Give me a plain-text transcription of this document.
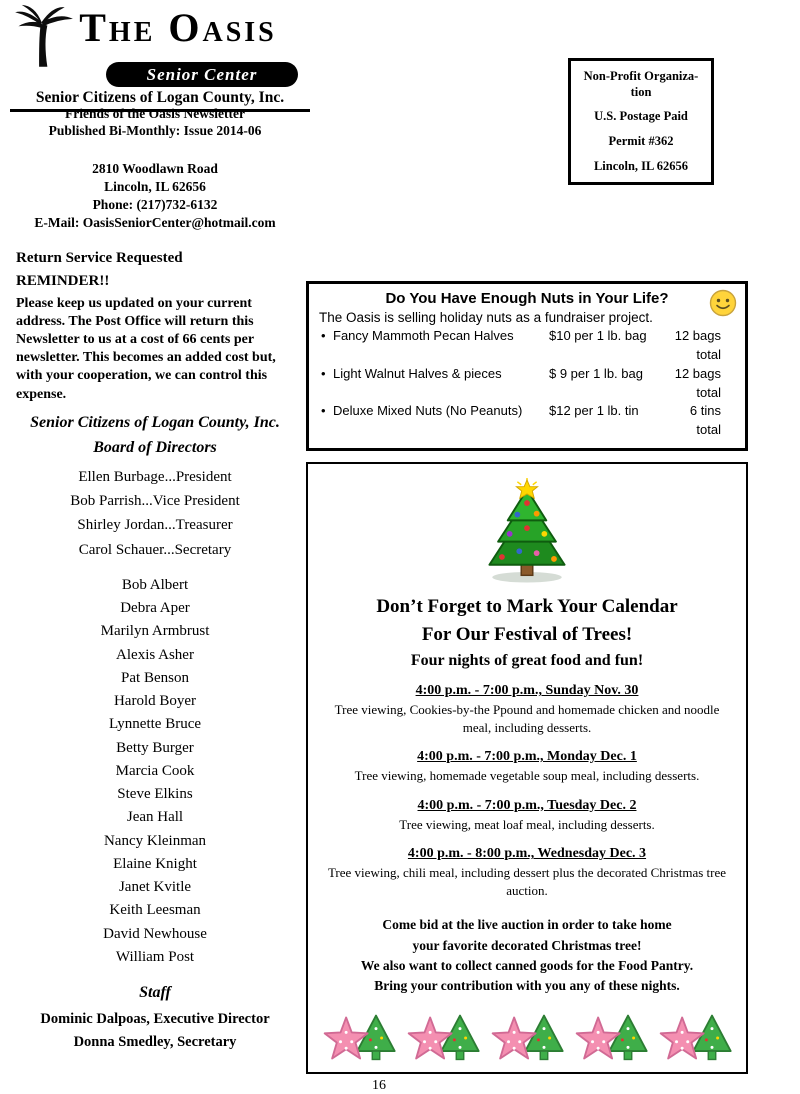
The Oasis
Senior Center
Senior Citizens of Logan County, Inc.
Non-Profit Organiza-
tion
U.S. Postage Paid
Permit #362
Lincoln, IL 62656
Friends of the Oasis Newsletter
Published Bi-Monthly: Issue 2014-06
2810 Woodlawn Road
Lincoln, IL 62656
Phone: (217)732-6132
E-Mail: OasisSeniorCenter@hotmail.com
Return Service Requested
REMINDER!!

Please keep us updated on your current address. The Post Office will return this Newsletter to us at a cost of 66 cents per newsletter. This becomes an added cost but, with your cooperation, we can control this expense.

Senior Citizens of Logan County, Inc.
Board of Directors
Ellen Burbage...President
Bob Parrish...Vice President
Shirley Jordan...Treasurer
Carol Schauer...Secretary
Bob Albert
Debra Aper
Marilyn Armbrust
Alexis Asher
Pat Benson
Harold Boyer
Lynnette Bruce
Betty Burger
Marcia Cook
Steve Elkins
Jean Hall
Nancy Kleinman
Elaine Knight
Janet Kvitle
Keith Leesman
David Newhouse
William Post
Staff
Dominic Dalpoas, Executive Director
Donna Smedley, Secretary
Do You Have Enough Nuts in Your Life?
The Oasis is selling holiday nuts as a fundraiser project.
• Fancy Mammoth Pecan Halves	$10 per 1 lb. bag	12 bags total
• Light Walnut Halves & pieces	$ 9 per 1 lb. bag	12 bags total
• Deluxe Mixed Nuts (No Peanuts)	$12 per 1 lb. tin	6 tins total
Don’t Forget to Mark Your Calendar
For Our Festival of Trees!
Four nights of great food and fun!
4:00 p.m. - 7:00 p.m., Sunday Nov. 30
Tree viewing, Cookies-by-the Ppound and homemade chicken and noodle meal, including desserts.
4:00 p.m. - 7:00 p.m., Monday Dec. 1
Tree viewing, homemade vegetable soup meal, including desserts.
4:00 p.m. - 7:00 p.m., Tuesday Dec. 2
Tree viewing, meat loaf meal, including desserts.
4:00 p.m. - 8:00 p.m., Wednesday Dec. 3
Tree viewing, chili meal, including dessert plus the decorated Christmas tree auction.
Come bid at the live auction in order to take home
your favorite decorated Christmas tree!
We also want to collect canned goods for the Food Pantry.
Bring your contribution with you any of these nights.
16
